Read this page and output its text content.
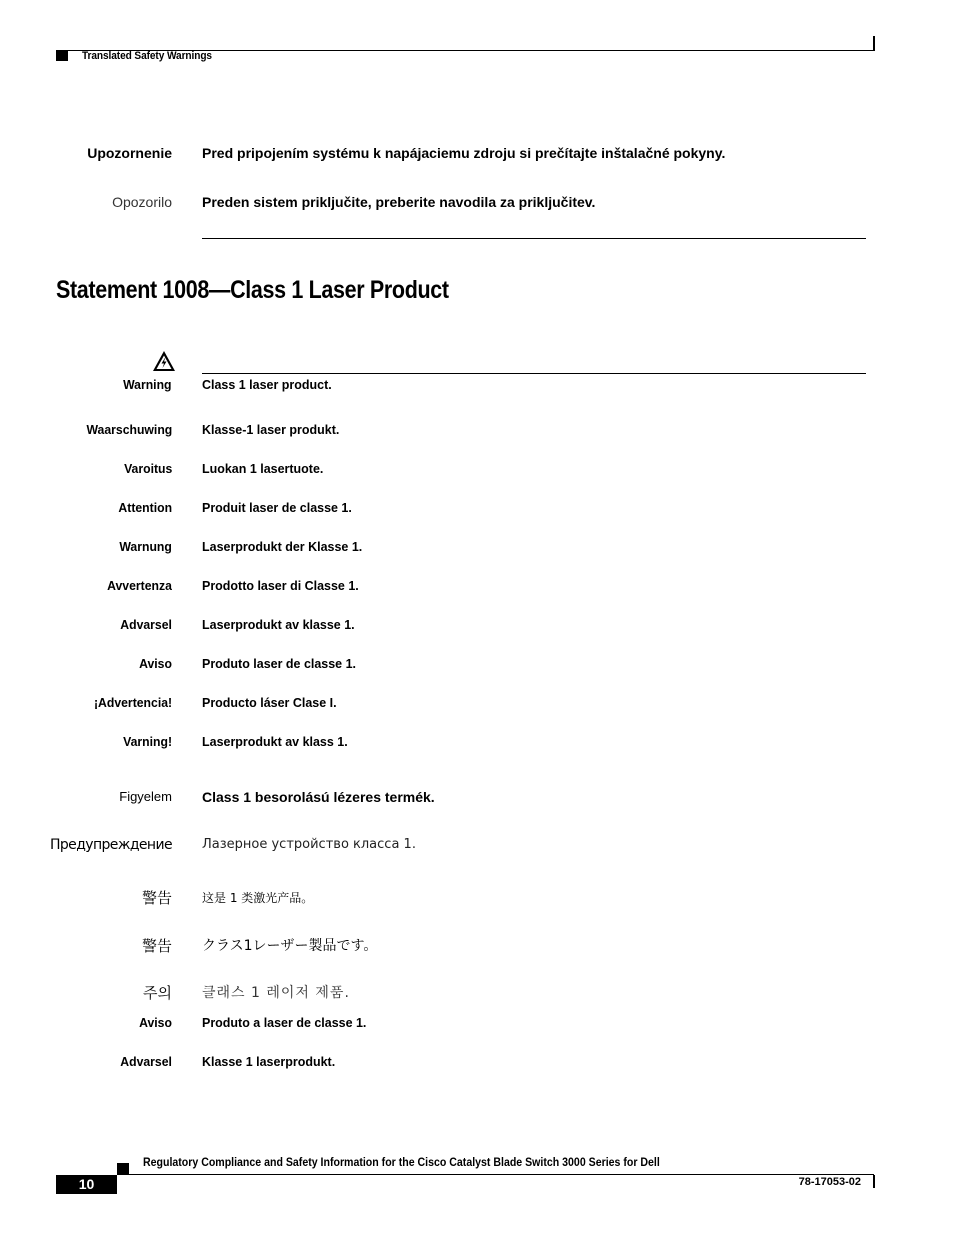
Translated Safety Warnings
Upozornenie Pred pripojením systému k napájaciemu zdroju si prečítajte inštalačné pokyny.
Opozorilo Preden sistem priključite, preberite navodila za priključitev.
Statement 1008—Class 1 Laser Product
Warning Class 1 laser product.
Waarschuwing Klasse-1 laser produkt.
Varoitus Luokan 1 lasertuote.
Attention Produit laser de classe 1.
Warnung Laserprodukt der Klasse 1.
Avvertenza Prodotto laser di Classe 1.
Advarsel Laserprodukt av klasse 1.
Aviso Produto laser de classe 1.
¡Advertencia! Producto láser Clase I.
Varning! Laserprodukt av klass 1.
Figyelem Class 1 besorolású lézeres termék.
Предупреждение Лазерное устройство класса 1.
警告	这是 1 类激光产品。
警告 クラス1レーザー製品です。
주의 클래스 1 레이저 제품.
Aviso Produto a laser de classe 1.
Advarsel Klasse 1 laserprodukt.
Regulatory Compliance and Safety Information for the Cisco Catalyst Blade Switch 3000 Series for Dell
10	78-17053-02
